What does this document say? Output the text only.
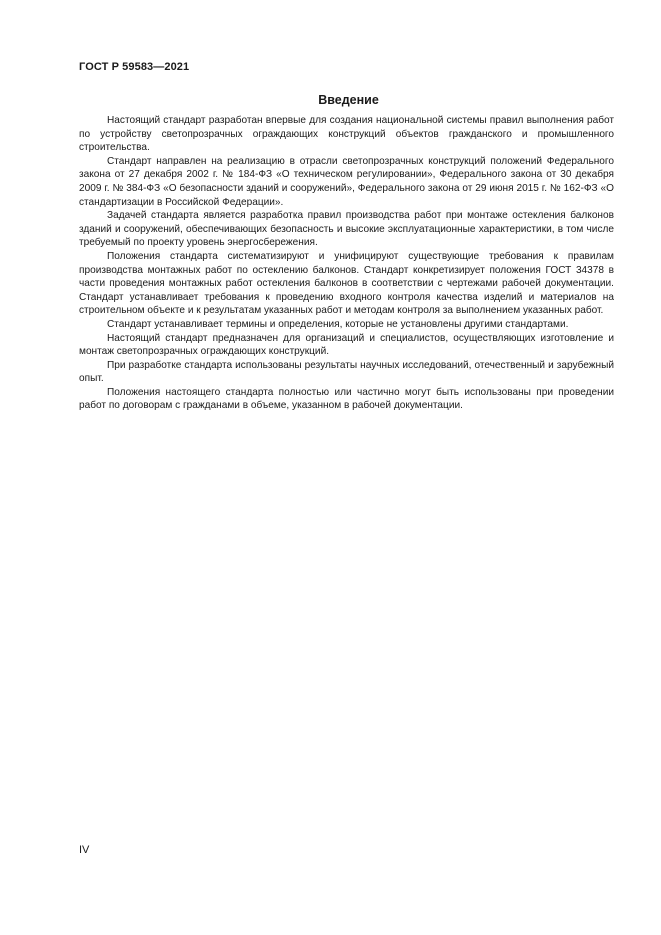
ГОСТ Р 59583—2021
Введение

Настоящий стандарт разработан впервые для создания национальной системы правил выполнения работ по устройству светопрозрачных ограждающих конструкций объектов гражданского и промышленного строительства.

Стандарт направлен на реализацию в отрасли светопрозрачных конструкций положений Федерального закона от 27 декабря 2002 г. № 184-ФЗ «О техническом регулировании», Федерального закона от 30 декабря 2009 г. № 384-ФЗ «О безопасности зданий и сооружений», Федерального закона от 29 июня 2015 г. № 162-ФЗ «О стандартизации в Российской Федерации».

Задачей стандарта является разработка правил производства работ при монтаже остекления балконов зданий и сооружений, обеспечивающих безопасность и высокие эксплуатационные характеристики, в том числе требуемый по проекту уровень энергосбережения.

Положения стандарта систематизируют и унифицируют существующие требования к правилам производства монтажных работ по остеклению балконов. Стандарт конкретизирует положения ГОСТ 34378 в части проведения монтажных работ остекления балконов в соответствии с чертежами рабочей документации. Стандарт устанавливает требования к проведению входного контроля качества изделий и материалов на строительном объекте и к результатам указанных работ и методам контроля за выполнением указанных работ.

Стандарт устанавливает термины и определения, которые не установлены другими стандартами.

Настоящий стандарт предназначен для организаций и специалистов, осуществляющих изготовление и монтаж светопрозрачных ограждающих конструкций.

При разработке стандарта использованы результаты научных исследований, отечественный и зарубежный опыт.

Положения настоящего стандарта полностью или частично могут быть использованы при проведении работ по договорам с гражданами в объеме, указанном в рабочей документации.

IV
